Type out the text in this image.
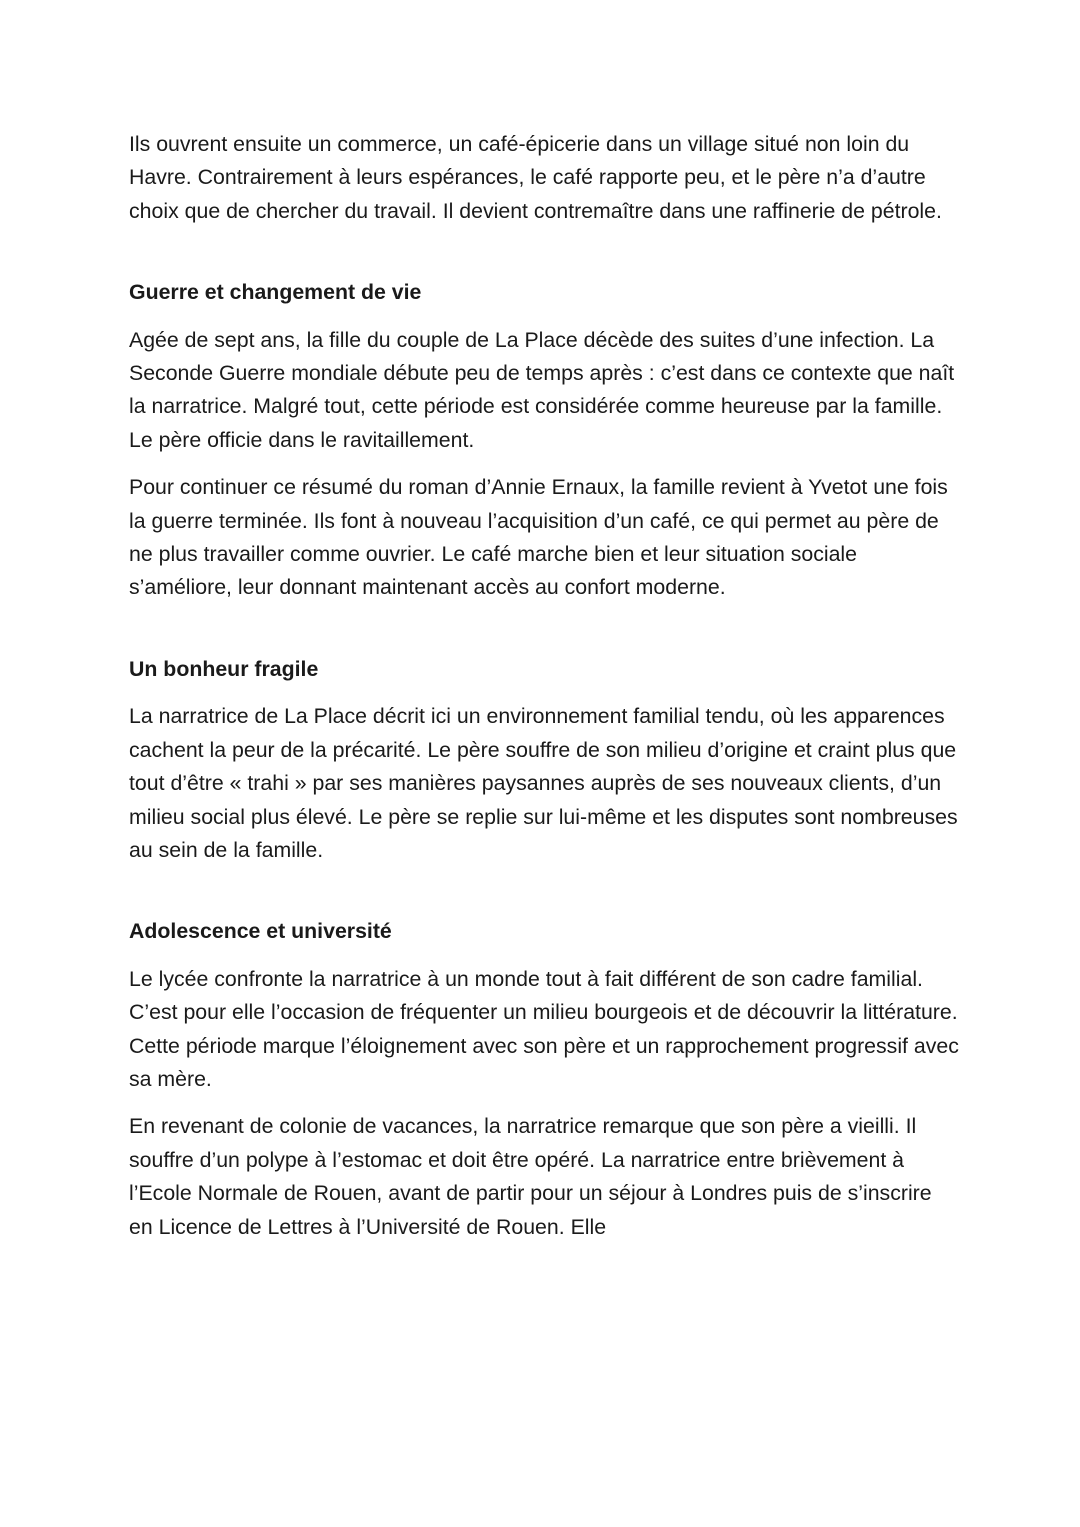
Ils ouvrent ensuite un commerce, un café-épicerie dans un village situé non loin du Havre. Contrairement à leurs espérances, le café rapporte peu, et le père n’a d’autre choix que de chercher du travail. Il devient contremaître dans une raffinerie de pétrole.

Guerre et changement de vie

Agée de sept ans, la fille du couple de La Place décède des suites d’une infection. La Seconde Guerre mondiale débute peu de temps après : c’est dans ce contexte que naît la narratrice. Malgré tout, cette période est considérée comme heureuse par la famille. Le père officie dans le ravitaillement.

Pour continuer ce résumé du roman d’Annie Ernaux, la famille revient à Yvetot une fois la guerre terminée. Ils font à nouveau l’acquisition d’un café, ce qui permet au père de ne plus travailler comme ouvrier. Le café marche bien et leur situation sociale s’améliore, leur donnant maintenant accès au confort moderne.

Un bonheur fragile

La narratrice de La Place décrit ici un environnement familial tendu, où les apparences cachent la peur de la précarité. Le père souffre de son milieu d’origine et craint plus que tout d’être « trahi » par ses manières paysannes auprès de ses nouveaux clients, d’un milieu social plus élevé. Le père se replie sur lui-même et les disputes sont nombreuses au sein de la famille.

Adolescence et université

Le lycée confronte la narratrice à un monde tout à fait différent de son cadre familial. C’est pour elle l’occasion de fréquenter un milieu bourgeois et de découvrir la littérature. Cette période marque l’éloignement avec son père et un rapprochement progressif avec sa mère.

En revenant de colonie de vacances, la narratrice remarque que son père a vieilli. Il souffre d’un polype à l’estomac et doit être opéré. La narratrice entre brièvement à l’Ecole Normale de Rouen, avant de partir pour un séjour à Londres puis de s’inscrire en Licence de Lettres à l’Université de Rouen. Elle
